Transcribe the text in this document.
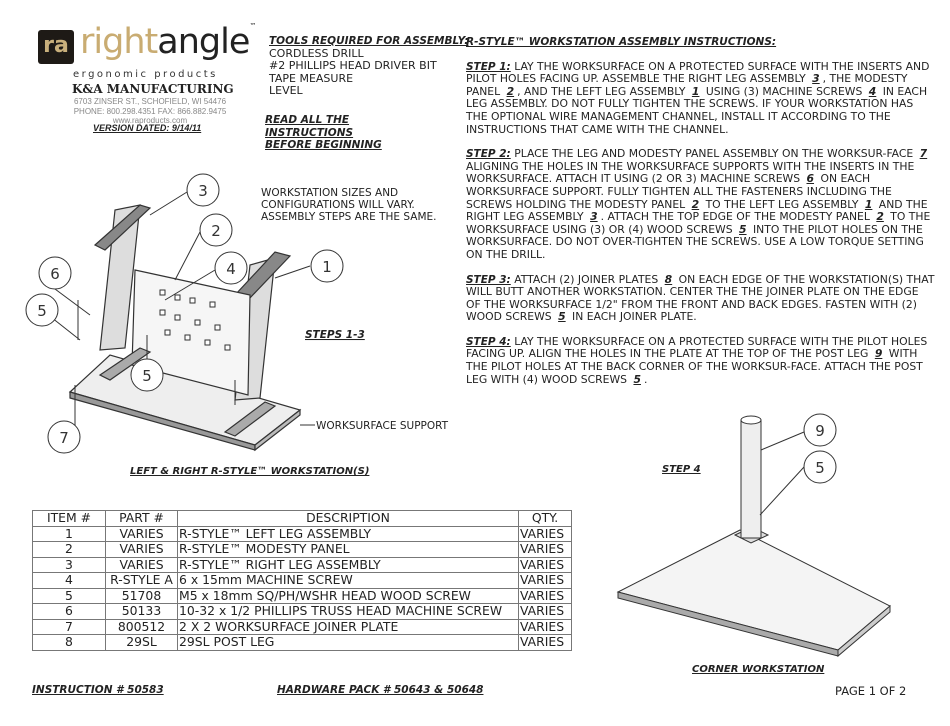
ra rightangle™
ergonomic products
K&A MANUFACTURING
6703 ZINSER ST., SCHOFIELD, WI 54476
PHONE: 800.298.4351 FAX: 866.882.9475
www.raproducts.com
VERSION DATED: 9/14/11
TOOLS REQUIRED FOR ASSEMBLY:
CORDLESS DRILL
#2 PHILLIPS HEAD DRIVER BIT
TAPE MEASURE
LEVEL
READ ALL THE
INSTRUCTIONS
BEFORE BEGINNING
WORKSTATION SIZES AND
CONFIGURATIONS WILL VARY.
ASSEMBLY STEPS ARE THE SAME.
R-STYLE™ WORKSTATION ASSEMBLY INSTRUCTIONS:
STEP 1: LAY THE WORKSURFACE ON A PROTECTED SURFACE WITH THE INSERTS AND PILOT HOLES FACING UP. ASSEMBLE THE RIGHT LEG ASSEMBLY 3 , THE MODESTY PANEL 2 , AND THE LEFT LEG ASSEMBLY 1 USING (3) MACHINE SCREWS 4 IN EACH LEG ASSEMBLY. DO NOT FULLY TIGHTEN THE SCREWS. IF YOUR WORKSTATION HAS THE OPTIONAL WIRE MANAGEMENT CHANNEL, INSTALL IT ACCORDING TO THE INSTRUCTIONS THAT CAME WITH THE CHANNEL.
STEP 2: PLACE THE LEG AND MODESTY PANEL ASSEMBLY ON THE WORKSUR-FACE 7 ALIGNING THE HOLES IN THE WORKSURFACE SUPPORTS WITH THE INSERTS IN THE WORKSURFACE. ATTACH IT USING (2 OR 3) MACHINE SCREWS 6 ON EACH WORKSURFACE SUPPORT. FULLY TIGHTEN ALL THE FASTENERS INCLUDING THE SCREWS HOLDING THE MODESTY PANEL 2 TO THE LEFT LEG ASSEMBLY 1 AND THE RIGHT LEG ASSEMBLY 3 . ATTACH THE TOP EDGE OF THE MODESTY PANEL 2 TO THE WORKSURFACE USING (3) OR (4) WOOD SCREWS 5 INTO THE PILOT HOLES ON THE WORKSURFACE. DO NOT OVER-TIGHTEN THE SCREWS. USE A LOW TORQUE SETTING ON THE DRILL.
STEP 3: ATTACH (2) JOINER PLATES 8 ON EACH EDGE OF THE WORKSTATION(S) THAT WILL BUTT ANOTHER WORKSTATION. CENTER THE THE JOINER PLATE ON THE EDGE OF THE WORKSURFACE 1/2" FROM THE FRONT AND BACK EDGES. FASTEN WITH (2) WOOD SCREWS 5 IN EACH JOINER PLATE.
STEP 4: LAY THE WORKSURFACE ON A PROTECTED SURFACE WITH THE PILOT HOLES FACING UP. ALIGN THE HOLES IN THE PLATE AT THE TOP OF THE POST LEG 9 WITH THE PILOT HOLES AT THE BACK CORNER OF THE WORKSUR-FACE. ATTACH THE POST LEG WITH (4) WOOD SCREWS 5 .
3
2
4	1
6
5
5
7
STEPS 1-3
WORKSURFACE SUPPORT
LEFT & RIGHT R-STYLE™ WORKSTATION(S)
9
5
STEP 4
CORNER WORKSTATION
ITEM #	PART #	DESCRIPTION	QTY.
1	VARIES	R-STYLE™ LEFT LEG ASSEMBLY	VARIES
2	VARIES	R-STYLE™ MODESTY PANEL	VARIES
3	VARIES	R-STYLE™ RIGHT LEG ASSEMBLY	VARIES
4	R-STYLE A	6 x 15mm MACHINE SCREW	VARIES
5	51708	M5 x 18mm SQ/PH/WSHR HEAD WOOD SCREW	VARIES
6	50133	10-32 x 1/2 PHILLIPS TRUSS HEAD MACHINE SCREW	VARIES
7	800512	2 X 2 WORKSURFACE JOINER PLATE	VARIES
8	29SL	29SL POST LEG	VARIES
INSTRUCTION # 50583	HARDWARE PACK # 50643 & 50648	PAGE 1 OF 2
